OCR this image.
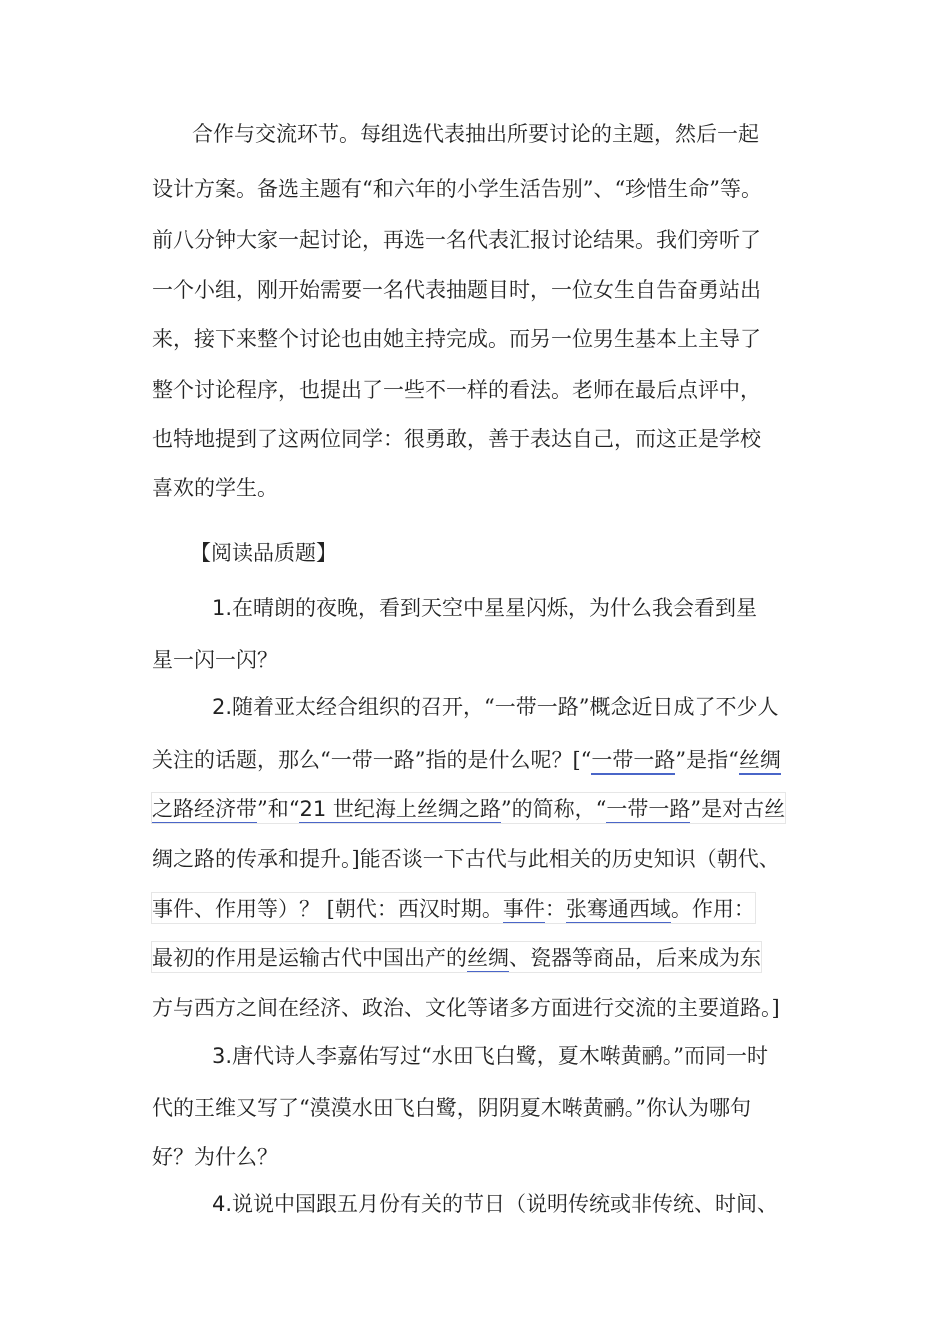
合作与交流环节。每组选代表抽出所要讨论的主题，然后一起
设计方案。备选主题有“和六年的小学生活告别”、“珍惜生命”等。
前八分钟大家一起讨论，再选一名代表汇报讨论结果。我们旁听了
一个小组，刚开始需要一名代表抽题目时，一位女生自告奋勇站出
来，接下来整个讨论也由她主持完成。而另一位男生基本上主导了
整个讨论程序，也提出了一些不一样的看法。老师在最后点评中，
也特地提到了这两位同学：很勇敢，善于表达自己，而这正是学校
喜欢的学生。
【阅读品质题】
1.在晴朗的夜晚，看到天空中星星闪烁，为什么我会看到星
星一闪一闪？
2.随着亚太经合组织的召开，“一带一路”概念近日成了不少人
关注的话题，那么“一带一路”指的是什么呢？[“一带一路”是指“丝绸
之路经济带”和“21 世纪海上丝绸之路”的简称，“一带一路”是对古丝
绸之路的传承和提升。]能否谈一下古代与此相关的历史知识（朝代、
事件、作用等）？ [朝代：西汉时期。事件：张骞通西域。作用：
最初的作用是运输古代中国出产的丝绸、瓷器等商品，后来成为东
方与西方之间在经济、政治、文化等诸多方面进行交流的主要道路。]
3.唐代诗人李嘉佑写过“水田飞白鹭，夏木啭黄鹂。”而同一时
代的王维又写了“漠漠水田飞白鹭，阴阴夏木啭黄鹂。”你认为哪句
好？为什么？
4.说说中国跟五月份有关的节日（说明传统或非传统、时间、
